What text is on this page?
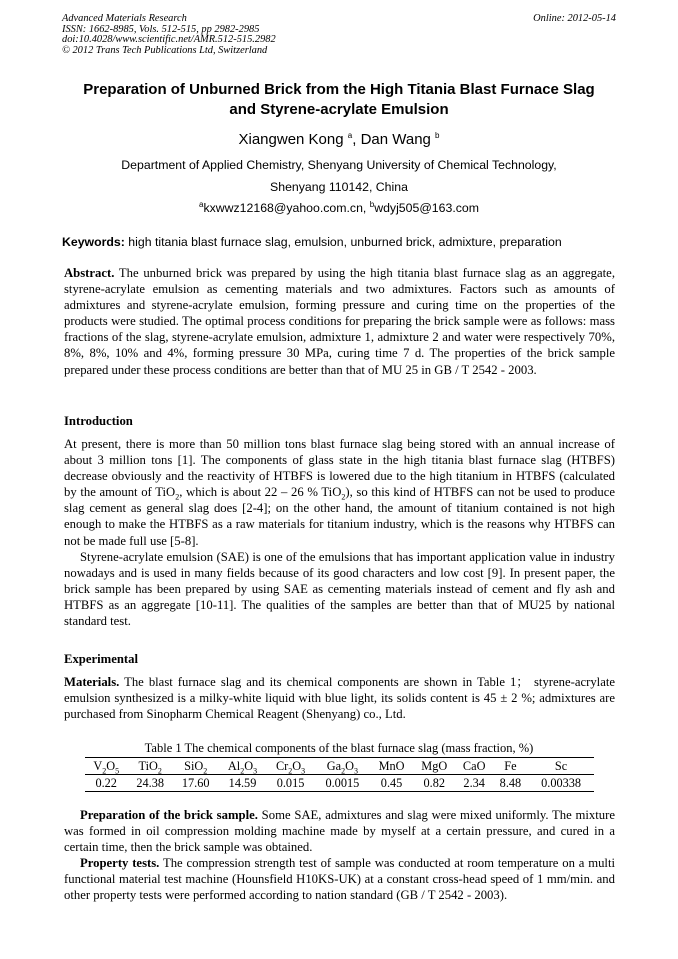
Advanced Materials Research
ISSN: 1662-8985, Vols. 512-515, pp 2982-2985
doi:10.4028/www.scientific.net/AMR.512-515.2982
© 2012 Trans Tech Publications Ltd, Switzerland
Online: 2012-05-14
Preparation of Unburned Brick from the High Titania Blast Furnace Slag
and Styrene-acrylate Emulsion
Xiangwen Kong $^a$, Dan Wang $^b$
Department of Applied Chemistry, Shenyang University of Chemical Technology,
Shenyang 110142, China
$^a$kxwwz12168@yahoo.com.cn, $^b$wdyj505@163.com
Keywords: high titania blast furnace slag, emulsion, unburned brick, admixture, preparation

Abstract. The unburned brick was prepared by using the high titania blast furnace slag as an aggregate, styrene-acrylate emulsion as cementing materials and two admixtures. Factors such as amounts of admixtures and styrene-acrylate emulsion, forming pressure and curing time on the properties of the products were studied. The optimal process conditions for preparing the brick sample were as follows: mass fractions of the slag, styrene-acrylate emulsion, admixture 1, admixture 2 and water were respectively 70%, 8%, 8%, 10% and 4%, forming pressure 30 MPa, curing time 7 d. The properties of the brick sample prepared under these process conditions are better than that of MU 25 in GB / T 2542 - 2003.

Introduction

At present, there is more than 50 million tons blast furnace slag being stored with an annual increase of about 3 million tons [1]. The components of glass state in the high titania blast furnace slag (HTBFS) decrease obviously and the reactivity of HTBFS is lowered due to the high titanium in HTBFS (calculated by the amount of TiO$_2$, which is about 22 – 26 % TiO$_2$), so this kind of HTBFS can not be used to produce slag cement as general slag does [2-4]; on the other hand, the amount of titanium contained is not high enough to make the HTBFS as a raw materials for titanium industry, which is the reasons why HTBFS can not be made full use [5-8].

Styrene-acrylate emulsion (SAE) is one of the emulsions that has important application value in industry nowadays and is used in many fields because of its good characters and low cost [9]. In present paper, the brick sample has been prepared by using SAE as cementing materials instead of cement and fly ash and HTBFS as an aggregate [10-11]. The qualities of the samples are better than that of MU25 by national standard test.

Experimental

Materials. The blast furnace slag and its chemical components are shown in Table 1； styrene-acrylate emulsion synthesized is a milky-white liquid with blue light, its solids content is 45 ± 2 %; admixtures are purchased from Sinopharm Chemical Reagent (Shenyang) co., Ltd.

Table 1 The chemical components of the blast furnace slag (mass fraction, %)
$V_2O_5$	TiO$_2$	SiO$_2$	$Al_2O_3$	$Cr_2O_3$	$Ga_2O_3$	MnO	MgO	CaO	Fe	Sc
0.22	24.38	17.60	14.59	0.015	0.0015	0.45	0.82	2.34	8.48	0.00338

Preparation of the brick sample. Some SAE, admixtures and slag were mixed uniformly. The mixture was formed in oil compression molding machine made by myself at a certain pressure, and cured in a certain time, then the brick sample was obtained.

Property tests. The compression strength test of sample was conducted at room temperature on a multi functional material test machine (Hounsfield H10KS-UK) at a constant cross-head speed of 1 mm/min. and other property tests were performed according to nation standard (GB / T 2542 - 2003).
